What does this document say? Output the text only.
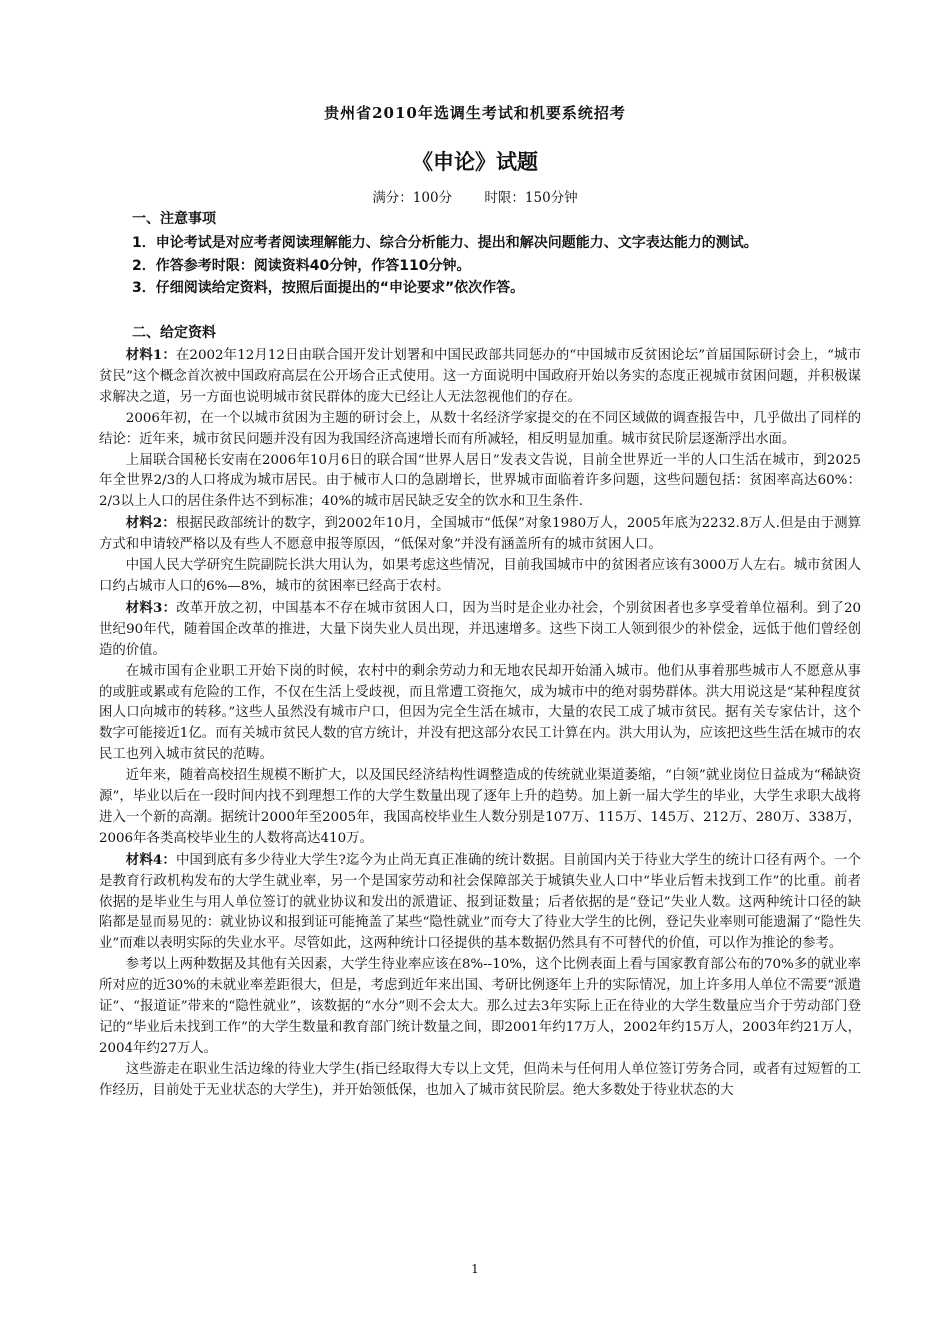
贵州省2010年选调生考试和机要系统招考
《申论》试题
满分：100分 时限：150分钟
一、注意事项
1．申论考试是对应考者阅读理解能力、综合分析能力、提出和解决问题能力、文字表达能力的测试。
2．作答参考时限：阅读资料40分钟，作答110分钟。
3．仔细阅读给定资料，按照后面提出的“申论要求”依次作答。
二、给定资料

材料1：在2002年12月12日由联合国开发计划署和中国民政部共同惩办的“中国城市反贫困论坛”首届国际研讨会上，“城市贫民”这个概念首次被中国政府高层在公开场合正式使用。这一方面说明中国政府开始以务实的态度正视城市贫困问题，并积极谋求解决之道，另一方面也说明城市贫民群体的庞大已经让人无法忽视他们的存在。

2006年初，在一个以城市贫困为主题的研讨会上，从数十名经济学家提交的在不同区域做的调查报告中，几乎做出了同样的结论：近年来，城市贫民问题并没有因为我国经济高速增长而有所减轻，相反明显加重。城市贫民阶层逐渐浮出水面。

上届联合国秘长安南在2006年10月6日的联合国“世界人居日”发表文告说，目前全世界近一半的人口生活在城市，到2025年全世界2/3的人口将成为城市居民。由于械市人口的急剧增长，世界城市面临着许多问题，这些问题包括：贫困率高达60%：2/3以上人口的居住条件达不到标准；40%的城市居民缺乏安全的饮水和卫生条件.

材料2：根据民政部统计的数字，到2002年10月，全国城市“低保”对象1980万人，2005年底为2232.8万人.但是由于测算方式和申请较严格以及有些人不愿意申报等原因，“低保对象”并没有涵盖所有的城市贫困人口。

中国人民大学研究生院副院长洪大用认为，如果考虑这些情况，目前我国城市中的贫困者应该有3000万人左右。城市贫困人口约占城市人口的6%—8%，城市的贫困率已经高于农村。

材料3：改革开放之初，中国基本不存在城市贫困人口，因为当时是企业办社会，个别贫困者也多享受着单位福利。到了20世纪90年代，随着国企改革的推进，大量下岗失业人员出现，并迅速增多。这些下岗工人领到很少的补偿金，远低于他们曾经创造的价值。

在城市国有企业职工开始下岗的时候，农村中的剩余劳动力和无地农民却开始涌入城市。他们从事着那些城市人不愿意从事的或脏或累或有危险的工作，不仅在生活上受歧视，而且常遭工资拖欠，成为城市中的绝对弱势群体。洪大用说这是“某种程度贫困人口向城市的转移。”这些人虽然没有城市户口，但因为完全生活在城市，大量的农民工成了城市贫民。据有关专家估计，这个数字可能接近1亿。而有关城市贫民人数的官方统计，并没有把这部分农民工计算在内。洪大用认为，应该把这些生活在城市的农民工也列入城市贫民的范畴。

近年来，随着高校招生规模不断扩大，以及国民经济结构性调整造成的传统就业渠道萎缩，“白领”就业岗位日益成为“稀缺资源”，毕业以后在一段时间内找不到理想工作的大学生数量出现了逐年上升的趋势。加上新一届大学生的毕业，大学生求职大战将进入一个新的高潮。据统计2000年至2005年，我国高校毕业生人数分别是107万、115万、145万、212万、280万、338万，2006年各类高校毕业生的人数将高达410万。

材料4：中国到底有多少待业大学生?迄今为止尚无真正准确的统计数据。目前国内关于待业大学生的统计口径有两个。一个是教育行政机构发布的大学生就业率，另一个是国家劳动和社会保障部关于城镇失业人口中“毕业后暂未找到工作”的比重。前者依据的是毕业生与用人单位签订的就业协议和发出的派遣证、报到证数量；后者依据的是“登记”失业人数。这两种统计口径的缺陷都是显而易见的：就业协议和报到证可能掩盖了某些“隐性就业”而夸大了待业大学生的比例，登记失业率则可能遗漏了“隐性失业”而难以表明实际的失业水平。尽管如此，这两种统计口径提供的基本数据仍然具有不可替代的价值，可以作为推论的参考。

参考以上两种数据及其他有关因素，大学生待业率应该在8%--10%，这个比例表面上看与国家教育部公布的70%多的就业率所对应的近30%的未就业率差距很大，但是，考虑到近年来出国、考研比例逐年上升的实际情况，加上许多用人单位不需要“派遣证”、“报道证”带来的“隐性就业”，该数据的“水分”则不会太大。那么过去3年实际上正在待业的大学生数量应当介于劳动部门登记的“毕业后未找到工作”的大学生数量和教育部门统计数量之间，即2001年约17万人，2002年约15万人，2003年约21万人，2004年约27万人。

这些游走在职业生活边缘的待业大学生(指已经取得大专以上文凭，但尚未与任何用人单位签订劳务合同，或者有过短暂的工作经历，目前处于无业状态的大学生)，并开始领低保，也加入了城市贫民阶层。绝大多数处于待业状态的大

1
